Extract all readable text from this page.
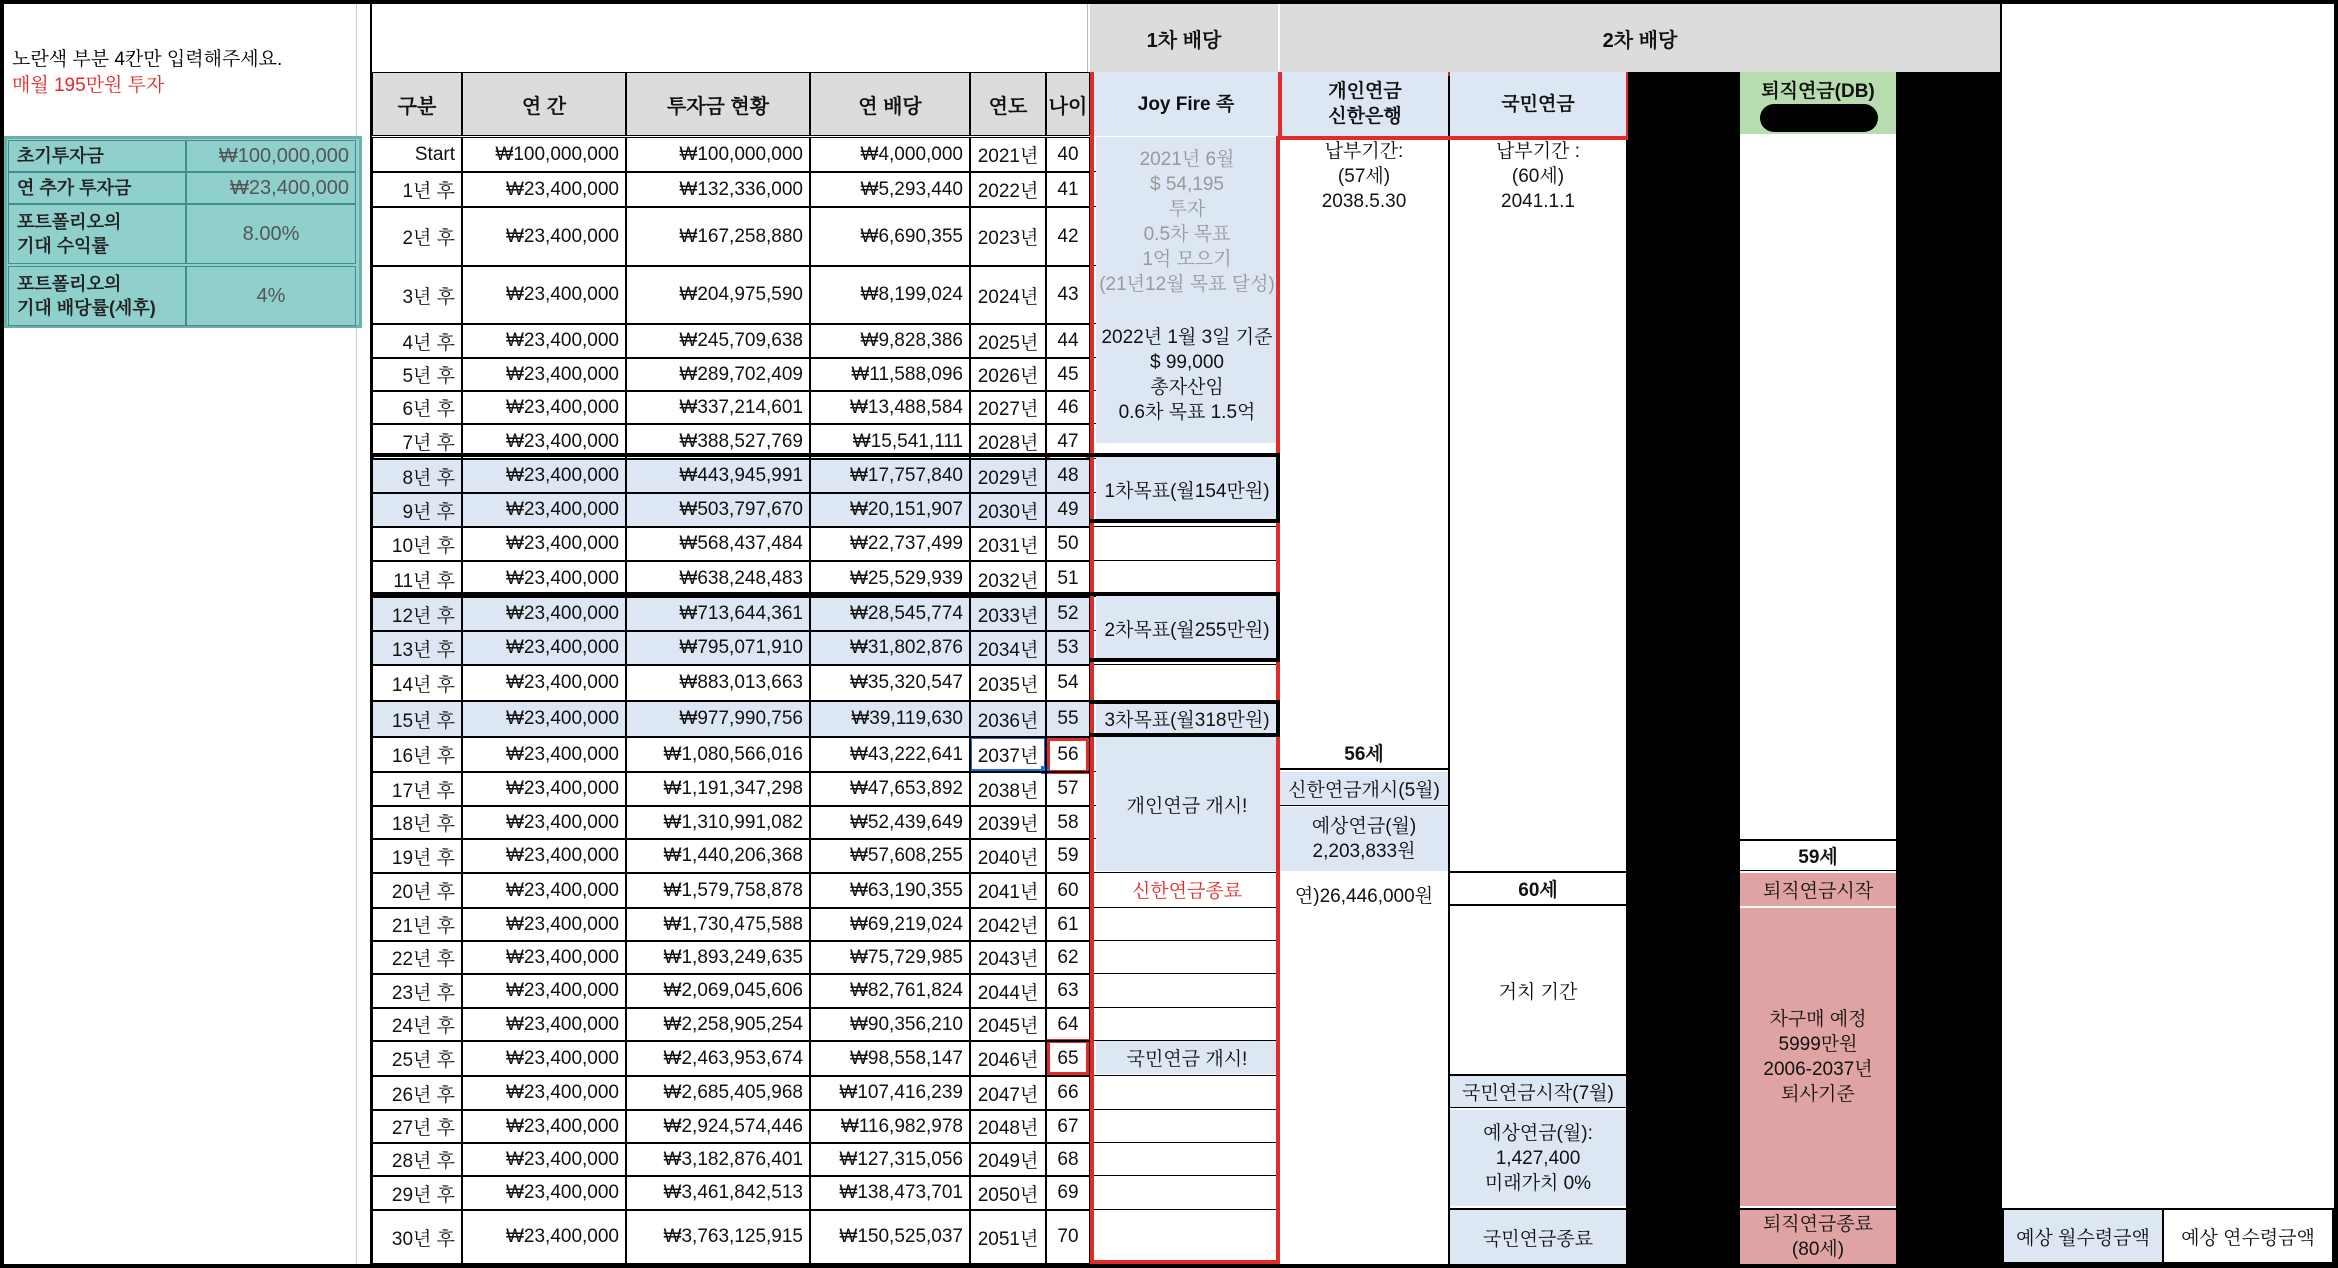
노란색 부분 4칸만 입력해주세요.
매월 195만원 투자
1차 배당	2차 배당
2021년 6월
$ 54,195
투자
0.5차 목표
1억 모으기
(21년12월 목표 달성)
2022년 1월 3일 기준
$ 99,000
총자산임
0.6차 목표 1.5억
1차목표(월154만원)
2차목표(월255만원)
3차목표(월318만원)
개인연금 개시!
신한연금종료
국민연금 개시!
납부기간:
(57세)
2038.5.30
56세
신한연금개시(5월)
예상연금(월)
2,203,833원
연)26,446,000원
납부기간 :
(60세)
2041.1.1
60세
거치 기간
국민연금시작(7월)
예상연금(월):
1,427,400
미래가치 0%
국민연금종료
퇴직연금(DB)
59세
퇴직연금시작
차구매 예정
5999만원
2006-2037년
퇴사기준
퇴직연금종료
(80세)
예상 월수령금액	예상 연수령금액
구분	연 간	투자금 현황	연 배당	연도	나이	Joy Fire 족
개인연금
신한은행
국민연금
Start	₩100,000,000	₩100,000,000	₩4,000,000 2021년	40
1년 후	₩23,400,000	₩132,336,000	₩5,293,440 2022년	41
2년 후	₩23,400,000	₩167,258,880	₩6,690,355 2023년	42
3년 후	₩23,400,000	₩204,975,590	₩8,199,024 2024년	43
4년 후	₩23,400,000	₩245,709,638	₩9,828,386 2025년	44
5년 후	₩23,400,000	₩289,702,409	₩11,588,096 2026년	45
6년 후	₩23,400,000	₩337,214,601	₩13,488,584 2027년	46
7년 후	₩23,400,000	₩388,527,769	₩15,541,111 2028년	47
8년 후	₩23,400,000	₩443,945,991	₩17,757,840 2029년	48
9년 후	₩23,400,000	₩503,797,670	₩20,151,907 2030년	49
10년 후	₩23,400,000	₩568,437,484	₩22,737,499 2031년	50
11년 후	₩23,400,000	₩638,248,483	₩25,529,939 2032년	51
12년 후	₩23,400,000	₩713,644,361	₩28,545,774 2033년	52
13년 후	₩23,400,000	₩795,071,910	₩31,802,876 2034년	53
14년 후	₩23,400,000	₩883,013,663	₩35,320,547 2035년	54
15년 후	₩23,400,000	₩977,990,756	₩39,119,630 2036년	55
16년 후	₩23,400,000	₩1,080,566,016	₩43,222,641 2037년	56
17년 후	₩23,400,000	₩1,191,347,298	₩47,653,892 2038년	57
18년 후	₩23,400,000	₩1,310,991,082	₩52,439,649 2039년	58
19년 후	₩23,400,000	₩1,440,206,368	₩57,608,255 2040년	59
20년 후	₩23,400,000	₩1,579,758,878	₩63,190,355 2041년	60
21년 후	₩23,400,000	₩1,730,475,588	₩69,219,024 2042년	61
22년 후	₩23,400,000	₩1,893,249,635	₩75,729,985 2043년	62
23년 후	₩23,400,000	₩2,069,045,606	₩82,761,824 2044년	63
24년 후	₩23,400,000	₩2,258,905,254	₩90,356,210 2045년	64
25년 후	₩23,400,000	₩2,463,953,674	₩98,558,147 2046년	65
26년 후	₩23,400,000	₩2,685,405,968	₩107,416,239 2047년	66
27년 후	₩23,400,000	₩2,924,574,446	₩116,982,978 2048년	67
28년 후	₩23,400,000	₩3,182,876,401	₩127,315,056 2049년	68
29년 후	₩23,400,000	₩3,461,842,513	₩138,473,701 2050년	69
30년 후	₩23,400,000	₩3,763,125,915	₩150,525,037 2051년	70
초기투자금	₩100,000,000
연 추가 투자금	₩23,400,000
포트폴리오의
기대 수익률
8.00%
포트폴리오의
기대 배당률(세후)
4%
